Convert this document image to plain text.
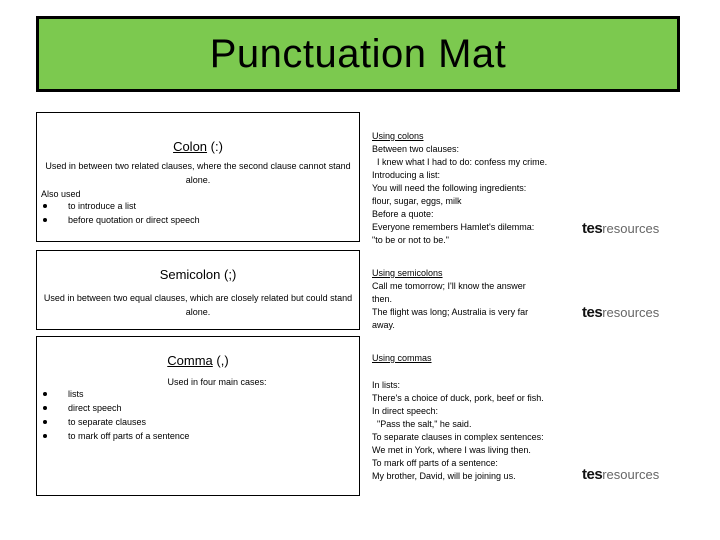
Punctuation Mat
Colon (:)
Used in between two related clauses, where the second clause cannot stand alone.
Also used
to introduce a list
before quotation or direct speech
Using colons
Between two clauses:
I knew what I had to do: confess my crime.
Introducing a list:
You will need the following ingredients:
flour, sugar, eggs, milk
Before a quote:
Everyone remembers Hamlet's dilemma:
"to be or not to be."
tesresources
Semicolon (;)
Used in between two equal clauses, which are closely related but could stand alone.
Using semicolons
Call me tomorrow; I'll know the answer
then.
The flight was long; Australia is very far
away.
tesresources
Comma (,)
Used in four main cases:
lists
direct speech
to separate clauses
to mark off parts of a sentence
Using commas
In lists:
There's a choice of duck, pork, beef or fish.
In direct speech:
"Pass the salt," he said.
To separate clauses in complex sentences:
We met in York, where I was living then.
To mark off parts of a sentence:
My brother, David, will be joining us.	tesresources
